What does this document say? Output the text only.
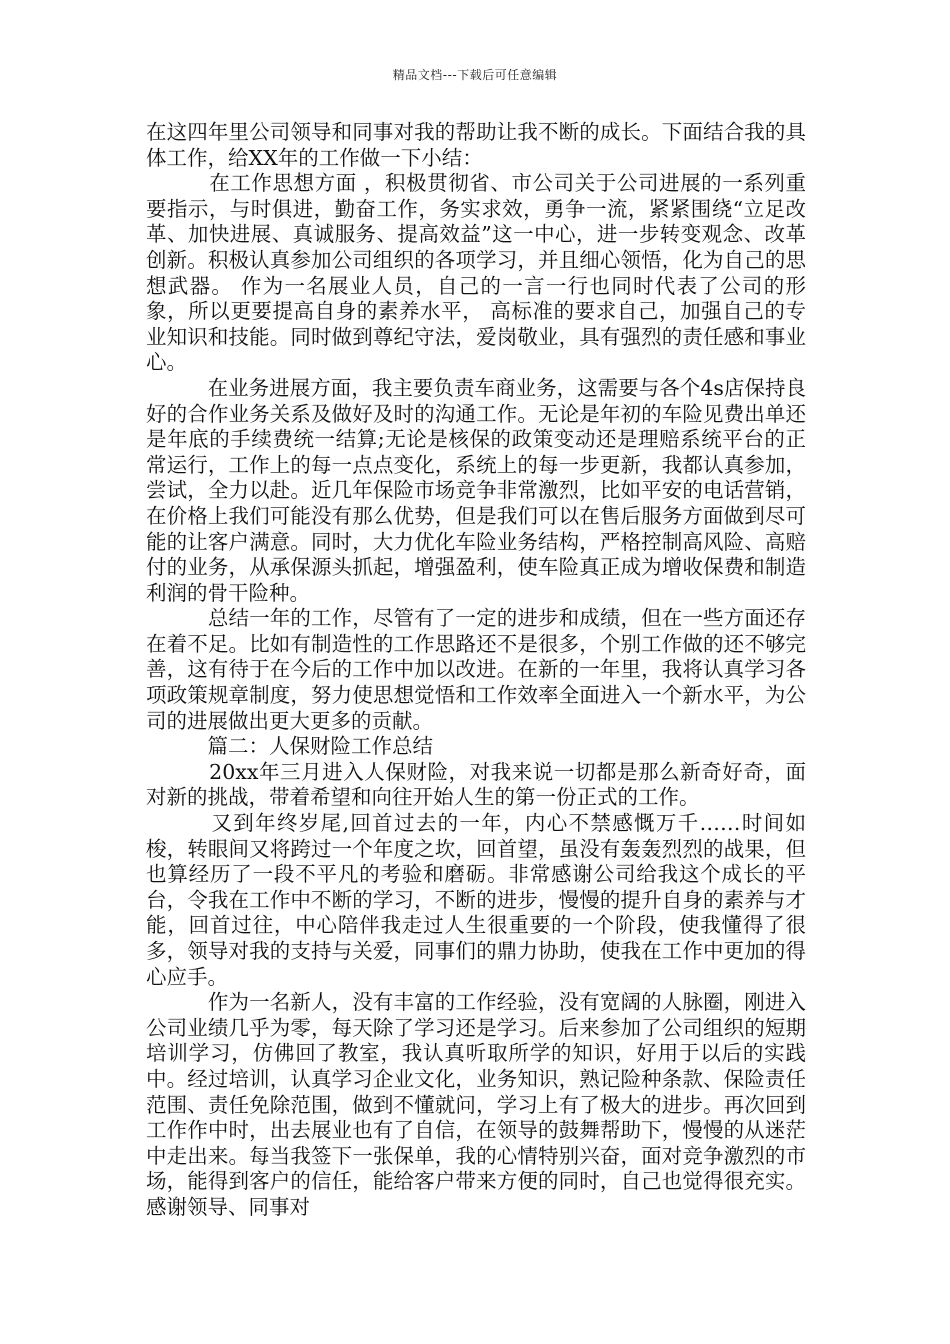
精品文档---下载后可任意编辑

在这四年里公司领导和同事对我的帮助让我不断的成长。下面结合我的具体工作，给XX年的工作做一下小结：

　　　在工作思想方面 ，积极贯彻省、市公司关于公司进展的一系列重要指示，与时俱进，勤奋工作，务实求效，勇争一流，紧紧围绕“立足改革、加快进展、真诚服务、提高效益”这一中心，进一步转变观念、改革创新。积极认真参加公司组织的各项学习，并且细心领悟，化为自己的思想武器。 作为一名展业人员，自己的一言一行也同时代表了公司的形象，所以更要提高自身的素养水平， 高标准的要求自己，加强自己的专业知识和技能。同时做到尊纪守法，爱岗敬业，具有强烈的责任感和事业心。

　　　在业务进展方面，我主要负责车商业务，这需要与各个4s店保持良好的合作业务关系及做好及时的沟通工作。无论是年初的车险见费出单还是年底的手续费统一结算;无论是核保的政策变动还是理赔系统平台的正常运行，工作上的每一点点变化，系统上的每一步更新，我都认真参加，尝试，全力以赴。近几年保险市场竞争非常激烈，比如平安的电话营销，在价格上我们可能没有那么优势，但是我们可以在售后服务方面做到尽可能的让客户满意。同时，大力优化车险业务结构，严格控制高风险、高赔付的业务，从承保源头抓起，增强盈利，使车险真正成为增收保费和制造利润的骨干险种。

　　　总结一年的工作，尽管有了一定的进步和成绩，但在一些方面还存在着不足。比如有制造性的工作思路还不是很多，个别工作做的还不够完善，这有待于在今后的工作中加以改进。在新的一年里，我将认真学习各项政策规章制度，努力使思想觉悟和工作效率全面进入一个新水平，为公司的进展做出更大更多的贡献。

　　　篇二：人保财险工作总结

　　　20xx年三月进入人保财险，对我来说一切都是那么新奇好奇，面对新的挑战，带着希望和向往开始人生的第一份正式的工作。

　　　又到年终岁尾,回首过去的一年，内心不禁感慨万千……时间如梭，转眼间又将跨过一个年度之坎，回首望，虽没有轰轰烈烈的战果，但也算经历了一段不平凡的考验和磨砺。非常感谢公司给我这个成长的平台，令我在工作中不断的学习，不断的进步，慢慢的提升自身的素养与才能，回首过往，中心陪伴我走过人生很重要的一个阶段，使我懂得了很多，领导对我的支持与关爱，同事们的鼎力协助，使我在工作中更加的得心应手。

　　　作为一名新人，没有丰富的工作经验，没有宽阔的人脉圈，刚进入公司业绩几乎为零，每天除了学习还是学习。后来参加了公司组织的短期培训学习，仿佛回了教室，我认真听取所学的知识，好用于以后的实践中。经过培训，认真学习企业文化，业务知识，熟记险种条款、保险责任范围、责任免除范围，做到不懂就问，学习上有了极大的进步。再次回到工作作中时，出去展业也有了自信，在领导的鼓舞帮助下，慢慢的从迷茫中走出来。每当我签下一张保单，我的心情特别兴奋，面对竞争激烈的市场，能得到客户的信任，能给客户带来方便的同时，自己也觉得很充实。感谢领导、同事对
